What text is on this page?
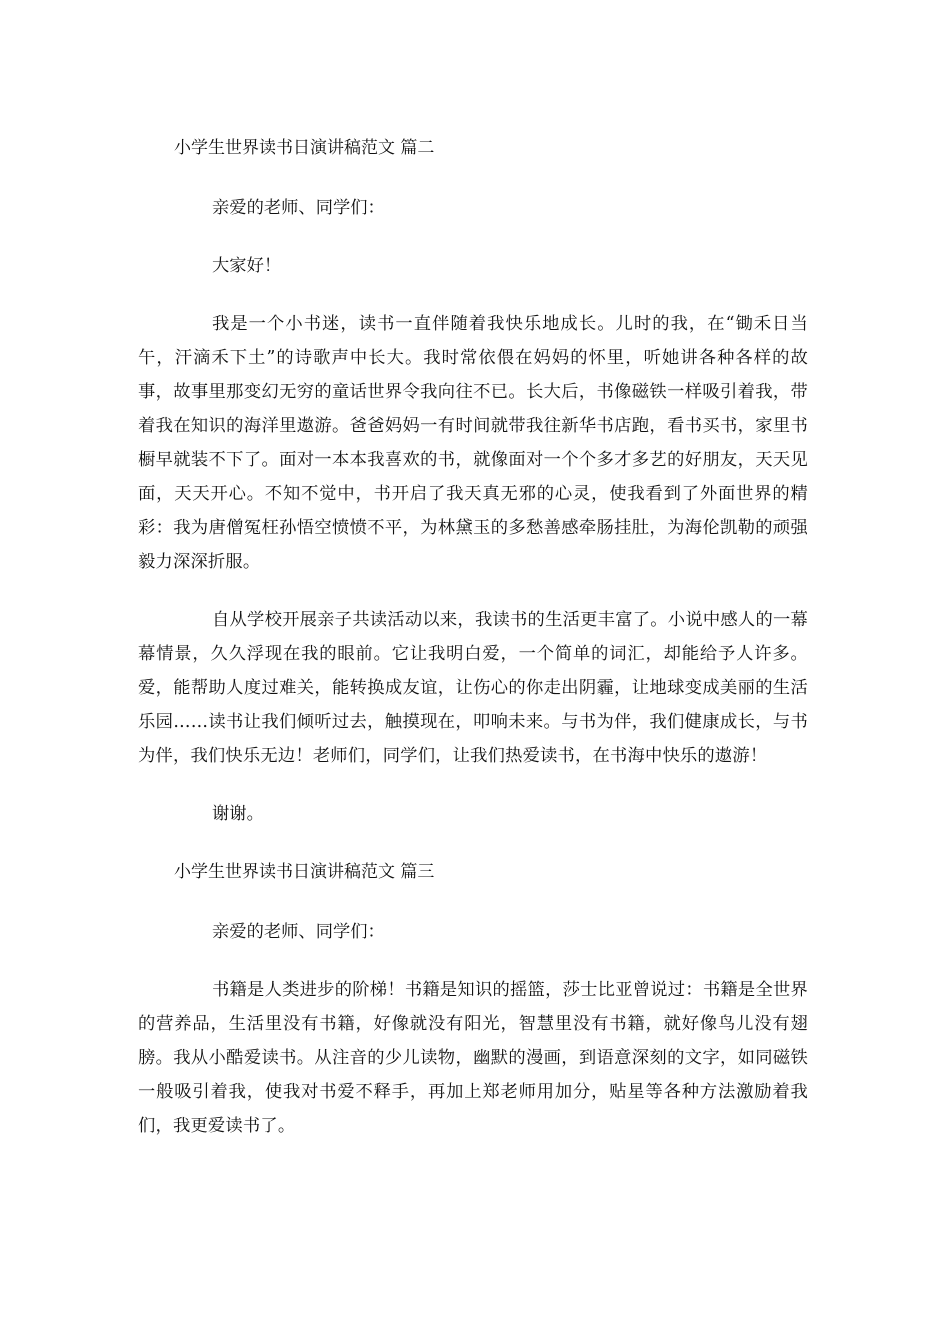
小学生世界读书日演讲稿范文 篇二
亲爱的老师、同学们：
大家好！

我是一个小书迷，读书一直伴随着我快乐地成长。儿时的我，在“锄禾日当午，汗滴禾下土”的诗歌声中长大。我时常依偎在妈妈的怀里，听她讲各种各样的故事，故事里那变幻无穷的童话世界令我向往不已。长大后，书像磁铁一样吸引着我，带着我在知识的海洋里遨游。爸爸妈妈一有时间就带我往新华书店跑，看书买书，家里书橱早就装不下了。面对一本本我喜欢的书，就像面对一个个多才多艺的好朋友，天天见面，天天开心。不知不觉中，书开启了我天真无邪的心灵，使我看到了外面世界的精彩：我为唐僧冤枉孙悟空愤愤不平，为林黛玉的多愁善感牵肠挂肚，为海伦凯勒的顽强毅力深深折服。

自从学校开展亲子共读活动以来，我读书的生活更丰富了。小说中感人的一幕幕情景，久久浮现在我的眼前。它让我明白爱，一个简单的词汇，却能给予人许多。爱，能帮助人度过难关，能转换成友谊，让伤心的你走出阴霾，让地球变成美丽的生活乐园……读书让我们倾听过去，触摸现在，叩响未来。与书为伴，我们健康成长，与书为伴，我们快乐无边！老师们，同学们，让我们热爱读书，在书海中快乐的遨游！

谢谢。
小学生世界读书日演讲稿范文 篇三
亲爱的老师、同学们：

书籍是人类进步的阶梯！书籍是知识的摇篮，莎士比亚曾说过：书籍是全世界的营养品，生活里没有书籍，好像就没有阳光，智慧里没有书籍，就好像鸟儿没有翅膀。我从小酷爱读书。从注音的少儿读物，幽默的漫画，到语意深刻的文字，如同磁铁一般吸引着我，使我对书爱不释手，再加上郑老师用加分，贴星等各种方法激励着我们，我更爱读书了。
